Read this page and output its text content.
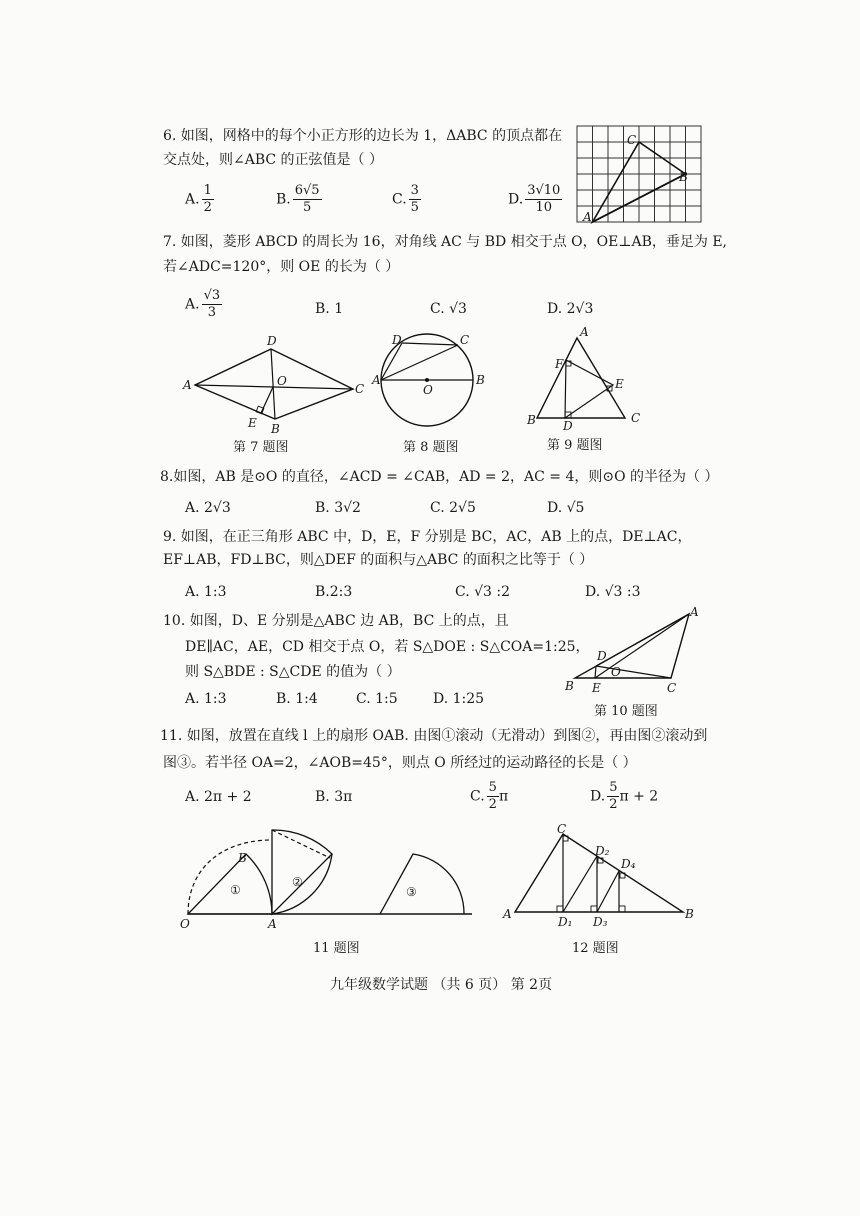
6. 如图，网格中的每个小正方形的边长为 1，ΔABC 的顶点都在
交点处，则∠ABC 的正弦值是（ ）
A. $\frac{1}{2}$	B. $\frac{6√5}{5}$	C. $\frac{3}{5}$	D. $\frac{3√10}{10}$
C
B
A
7. 如图，菱形 ABCD 的周长为 16，对角线 AC 与 BD 相交于点 O，OE⊥AB，垂足为 E,
若∠ADC=120°，则 OE 的长为（ ）
A. $\frac{√3}{3}$	B. 1	C. √3	D. 2√3
A
D
C
B
O
E
第 7 题图
A	B
D	C
O
第 8 题图
A
F
E
B	C
D
第 9 题图
8.如图，AB 是⊙O 的直径，∠ACD = ∠CAB，AD = 2，AC = 4，则⊙O 的半径为（ ）
A. 2√3	B. 3√2	C. 2√5	D. √5
9. 如图，在正三角形 ABC 中，D，E，F 分别是 BC，AC，AB 上的点，DE⊥AC，
EF⊥AB，FD⊥BC，则△DEF 的面积与△ABC 的面积之比等于（ ）
A. 1:3	B.2:3	C. √3 :2	D. √3 :3
10. 如图，D、E 分别是△ABC 边 AB，BC 上的点，且
DE∥AC，AE，CD 相交于点 O，若 S△DOE : S△COA=1:25，
则 S△BDE : S△CDE 的值为（ ）
A. 1:3	B. 1:4	C. 1:5	D. 1:25
A
D
O
B E	C
第 10 题图
11. 如图，放置在直线 l 上的扇形 OAB. 由图①滚动（无滑动）到图②，再由图②滚动到
图③。若半径 OA=2，∠AOB=45°，则点 O 所经过的运动路径的长是（ ）
A. 2π + 2	B. 3π	C. $\frac{5}{2}$ π	D. $\frac{5}{2}$ π + 2
B
O	A
①
②
③
11 题图
C
D₂
D₄
A	B
D₁ D₃
12 题图
九年级数学试题 （共 6 页） 第 2页
